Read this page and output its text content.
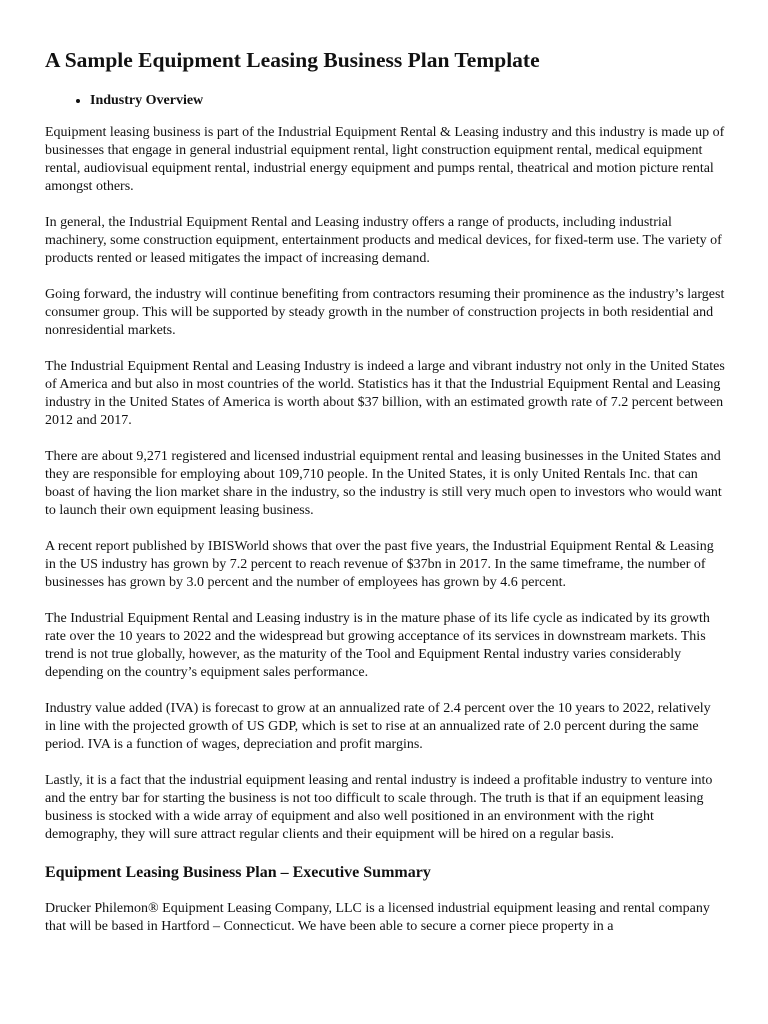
A Sample Equipment Leasing Business Plan Template
• Industry Overview

Equipment leasing business is part of the Industrial Equipment Rental & Leasing industry and this industry is made up of businesses that engage in general industrial equipment rental, light construction equipment rental, medical equipment rental, audiovisual equipment rental, industrial energy equipment and pumps rental, theatrical and motion picture rental amongst others.

In general, the Industrial Equipment Rental and Leasing industry offers a range of products, including industrial machinery, some construction equipment, entertainment products and medical devices, for fixed-term use. The variety of products rented or leased mitigates the impact of increasing demand.

Going forward, the industry will continue benefiting from contractors resuming their prominence as the industry’s largest consumer group. This will be supported by steady growth in the number of construction projects in both residential and nonresidential markets.

The Industrial Equipment Rental and Leasing Industry is indeed a large and vibrant industry not only in the United States of America and but also in most countries of the world. Statistics has it that the Industrial Equipment Rental and Leasing industry in the United States of America is worth about $37 billion, with an estimated growth rate of 7.2 percent between 2012 and 2017.

There are about 9,271 registered and licensed industrial equipment rental and leasing businesses in the United States and they are responsible for employing about 109,710 people. In the United States, it is only United Rentals Inc. that can boast of having the lion market share in the industry, so the industry is still very much open to investors who would want to launch their own equipment leasing business.

A recent report published by IBISWorld shows that over the past five years, the Industrial Equipment Rental & Leasing in the US industry has grown by 7.2 percent to reach revenue of $37bn in 2017. In the same timeframe, the number of businesses has grown by 3.0 percent and the number of employees has grown by 4.6 percent.

The Industrial Equipment Rental and Leasing industry is in the mature phase of its life cycle as indicated by its growth rate over the 10 years to 2022 and the widespread but growing acceptance of its services in downstream markets. This trend is not true globally, however, as the maturity of the Tool and Equipment Rental industry varies considerably depending on the country’s equipment sales performance.

Industry value added (IVA) is forecast to grow at an annualized rate of 2.4 percent over the 10 years to 2022, relatively in line with the projected growth of US GDP, which is set to rise at an annualized rate of 2.0 percent during the same period. IVA is a function of wages, depreciation and profit margins.

Lastly, it is a fact that the industrial equipment leasing and rental industry is indeed a profitable industry to venture into and the entry bar for starting the business is not too difficult to scale through. The truth is that if an equipment leasing business is stocked with a wide array of equipment and also well positioned in an environment with the right demography, they will sure attract regular clients and their equipment will be hired on a regular basis.

Equipment Leasing Business Plan – Executive Summary

Drucker Philemon® Equipment Leasing Company, LLC is a licensed industrial equipment leasing and rental company that will be based in Hartford – Connecticut. We have been able to secure a corner piece property in a
